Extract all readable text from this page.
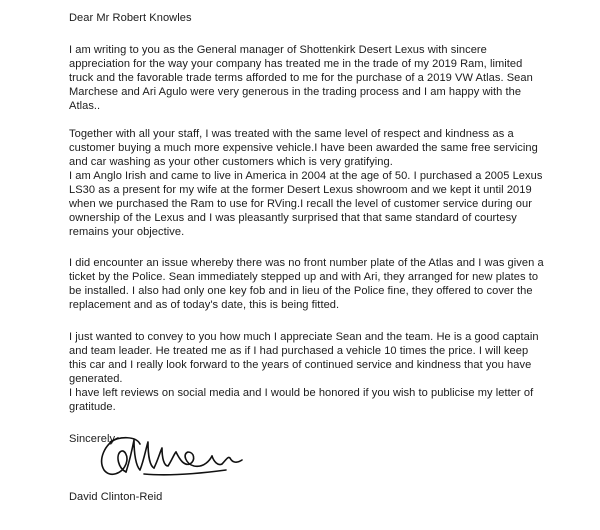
Dear Mr Robert Knowles
I am writing to you as the General manager of Shottenkirk Desert Lexus with sincere
appreciation for the way your company has treated me in the trade of my 2019 Ram, limited
truck and the favorable trade terms afforded to me for the purchase of a 2019 VW Atlas. Sean
Marchese and Ari Agulo were very generous in the trading process and I am happy with the
Atlas..
Together with all your staff, I was treated with the same level of respect and kindness as a
customer buying a much more expensive vehicle.I have been awarded the same free servicing
and car washing as your other customers which is very gratifying.
I am Anglo Irish and came to live in America in 2004 at the age of 50. I purchased a 2005 Lexus
LS30 as a present for my wife at the former Desert Lexus showroom and we kept it until 2019
when we purchased the Ram to use for RVing.I recall the level of customer service during our
ownership of the Lexus and I was pleasantly surprised that that same standard of courtesy
remains your objective.
I did encounter an issue whereby there was no front number plate of the Atlas and I was given a
ticket by the Police. Sean immediately stepped up and with Ari, they arranged for new plates to
be installed. I also had only one key fob and in lieu of the Police fine, they offered to cover the
replacement and as of today's date, this is being fitted.
I just wanted to convey to you how much I appreciate Sean and the team. He is a good captain
and team leader. He treated me as if I had purchased a vehicle 10 times the price. I will keep
this car and I really look forward to the years of continued service and kindness that you have
generated.
I have left reviews on social media and I would be honored if you wish to publicise my letter of
gratitude.
Sincerely
David Clinton-Reid
